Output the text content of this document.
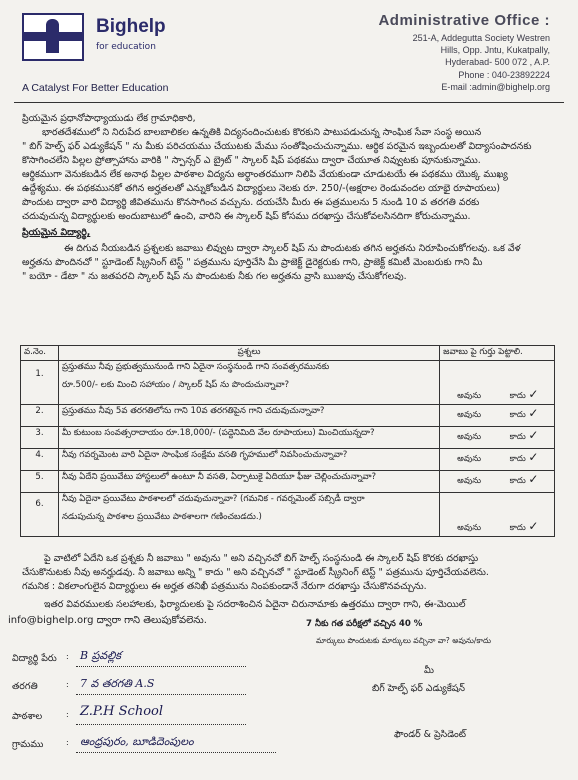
Bighelp
for education
A Catalyst For Better Education
Administrative Office :
251-A, Addegutta Society Westren
Hills, Opp. Jntu, Kukatpally,
Hyderabad- 500 072 , A.P.
Phone : 040-23892224
E-mail :admin@bighelp.org
ప్రియమైన ప్రధానోపాధ్యాయుడు లేక గ్రామాధికారి,
భారతదేశములో ని నిరుపేద బాలబాలికల ఉన్నతికి విద్యనందించుటకు కొరకుని పాటుపడుచున్న సాంఘిక సేవా సంస్థ అయిన
" బిగ్ హెల్ఫ్ ఫర్ ఎడ్యుకేషన్ " ను మీకు పరిచయము చేయుటకు మేము సంతోషించుచున్నాము. ఆర్థిక పరమైన ఇబ్బందులతో విద్యాసంపాదనకు
కొసాగించలేని పిల్లల ప్రోత్సాహాను వారికి " స్పాన్సర్ ఎ బ్రైట్ " స్కాలర్ షిప్ పథకము ద్వారా చేయూత నివ్వుటకు పూనుకున్నాము.
ఆర్థికముగా వెనుకబడిన లేక అనాథ పిల్లల పాఠశాల విద్యను అర్థాంతరముగా నిలిపి వేయకుండా చూడుటయే ఈ పథకము యొక్క ముఖ్య
ఉద్దేశ్యము. ఈ పథకమునకో తగిన అర్హతలతో ఎన్నుకోబడిన విద్యార్థులు నెలకు రూ. 250/-(అక్షరాల రెండువందల యాభై రూపాయలు)
పొందుట ద్వారా వారి విద్యార్థి జీవితమును కొనసాగించ వచ్చును. దయచేసి మీరు ఈ పత్రములను 5 నుండి 10 వ తరగతి వరకు
చదువుచున్న విద్యార్థులకు అందుబాటులో ఉంచి, వారిని ఈ స్కాలర్ షిప్ కోసము దరఖాస్తు చేసుకోవలసినదిగా కోరుచున్నాము.
ప్రియమైన విద్యార్థి,
ఈ దిగువ నీయబడిన ప్రశ్నలకు జవాబు లివ్వుట ద్వారా స్కాలర్ షిప్ ను పొందుటకు తగిన అర్హతను నిరూపించుకోగలవు. ఒక వేళ
అర్హతను పొందినచో " స్టూడెంట్ స్క్రీనింగ్ టెస్ట్ " పత్రమును పూర్తిచేసి మీ ప్రాజెక్ట్ డైరెక్టరుకు గాని, ప్రాజెక్ట్ కమిటీ మెంబరుకు గాని మీ
" బయో - డేటా " ను జతపరచి స్కాలర్ షిప్ ను పొందుటకు నీకు గల అర్హతను వ్రాసి ఋజువు చేసుకోగలవు.
వ.నెం.	ప్రశ్నలు	జవాబు పై గుర్తు పెట్టాలి.
1.	ప్రస్తుతము నీవు ప్రభుత్వమునుండి గాని ఏదైనా సంస్థనుండి గాని సంవత్సరమునకు
రూ.500/- లకు మించి సహాయం / స్కాలర్ షిప్ ను పొందుచున్నావా?	అవును కాదు ✓
2.	ప్రస్తుతము నీవు 5వ తరగతిలోను గాని 10వ తరగతిపైన గాని చదువుచున్నావా?	అవును కాదు ✓
3.	మీ కుటుంబ సంవత్సరాదాయం రూ.18,000/- (పద్దెనిమిది వేల రూపాయలు) మించియున్నదా?	అవును కాదు ✓
4.	నీవు గవర్నమెంట వారి ఏదైనా సాంఘిక సంక్షేమ వసతి గృహములో నివసించుచున్నావా?	అవును కాదు ✓
5.	నీవు ఏదేని ప్రయివేటు హాస్టలులో ఉంటూ నీ వసతి, ఏర్పాటుకై ఏదియూ ఫీజు చెల్లించుచున్నావా?	అవును కాదు ✓
6.	నీవు ఏదైనా ప్రయివేటు పాఠశాలలో చదువుచున్నావా? (గమనిక - గవర్నమెంట్ సబ్సిడీ ద్వారా
నడుపుచున్న పాఠశాల ప్రయివేటు పాఠశాలగా గణించబడదు.)	అవును కాదు ✓
పై వాటిలో ఏదేని ఒక ప్రశ్నకు నీ జవాబు " అవును " అని వచ్చినచో బిగ్ హెల్ఫ్ సంస్థనుండి ఈ స్కాలర్ షిప్ కొరకు దరఖాస్తు
చేసుకొనుటకు నీవు అనర్హుడవు. నీ జవాబు అన్ని " కాదు " అని వచ్చినచో " స్టూడెంట్ స్క్రీనింగ్ టెస్ట్ " పత్రమును పూర్తిచేయవలెను.
గమనిక : వికలాంగులైన విద్యార్థులు ఈ అర్హత తనిఖీ పత్రమును నింపకుండానే నేరుగా దరఖాస్తు చేసుకొనవచ్చును.
ఇతర వివరములకు సలహాలకు, ఫిర్యాదులకు పై సదరాశించిన ఏదైనా చిరునామాకు ఉత్తరము ద్వారా గాని, ఈ-మెయిల్
info@bighelp.org ద్వారా గాని తెలుపుకోవలెను.	7 నీకు గత పరీక్షలో వచ్చిన 40 %
మార్కులు పొందుటకు మార్కులు వచ్చినా వా? అవును/కాదు
విద్యార్థి పేరు : B ప్రవల్లిక
తరగతి	: 7 వ తరగతి A.S
పాఠశాల	: Z.P.H School
గ్రామము	: ఆంధ్రపురం, బూడిదెంపులం
మీ
బిగ్ హెల్ఫ్ ఫర్ ఎడ్యుకేషన్
ఫౌండర్ & ప్రెసిడెంట్
